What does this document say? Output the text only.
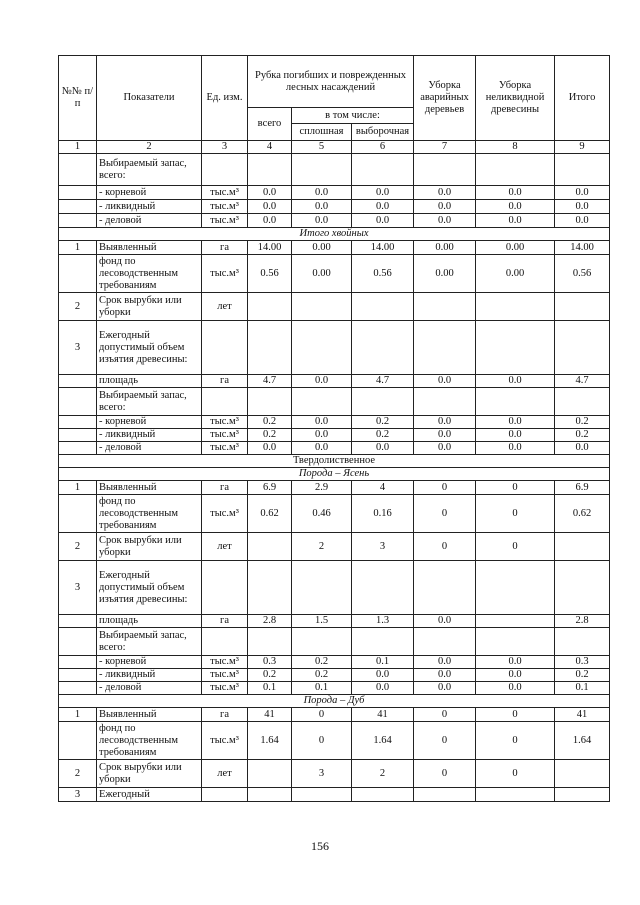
№№ п/п	Показатели	Ед. изм.	Рубка погибших и поврежденных лесных насаждений			Уборка аварийных деревьев	Уборка неликвидной древесины	Итого
			всего	в том числе:				
				сплошная	выборочная			
1	2	3	4	5	6	7	8	9
	Выбираемый запас, всего:							
	- корневой	тыс.м³	0.0	0.0	0.0	0.0	0.0	0.0
	- ликвидный	тыс.м³	0.0	0.0	0.0	0.0	0.0	0.0
	- деловой	тыс.м³	0.0	0.0	0.0	0.0	0.0	0.0
Итого хвойных								
1	Выявленный	га	14.00	0.00	14.00	0.00	0.00	14.00
	фонд по лесоводственным требованиям	тыс.м³	0.56	0.00	0.56	0.00	0.00	0.56
2	Срок вырубки или уборки	лет						
3	Ежегодный допустимый объем изъятия древесины:							
	площадь	га	4.7	0.0	4.7	0.0	0.0	4.7
	Выбираемый запас, всего:							
	- корневой	тыс.м³	0.2	0.0	0.2	0.0	0.0	0.2
	- ликвидный	тыс.м³	0.2	0.0	0.2	0.0	0.0	0.2
	- деловой	тыс.м³	0.0	0.0	0.0	0.0	0.0	0.0
Твердолиственное								
Порода – Ясень								
1	Выявленный	га	6.9	2.9	4	0	0	6.9
	фонд по лесоводственным требованиям	тыс.м³	0.62	0.46	0.16	0	0	0.62
2	Срок вырубки или уборки	лет		2	3	0	0	
3	Ежегодный допустимый объем изъятия древесины:							
	площадь	га	2.8	1.5	1.3	0.0		2.8
	Выбираемый запас, всего:							
	- корневой	тыс.м³	0.3	0.2	0.1	0.0	0.0	0.3
	- ликвидный	тыс.м³	0.2	0.2	0.0	0.0	0.0	0.2
	- деловой	тыс.м³	0.1	0.1	0.0	0.0	0.0	0.1
Порода – Дуб								
1	Выявленный	га	41	0	41	0	0	41
	фонд по лесоводственным требованиям	тыс.м³	1.64	0	1.64	0	0	1.64
2	Срок вырубки или уборки	лет		3	2	0	0	
3	Ежегодный							
156
